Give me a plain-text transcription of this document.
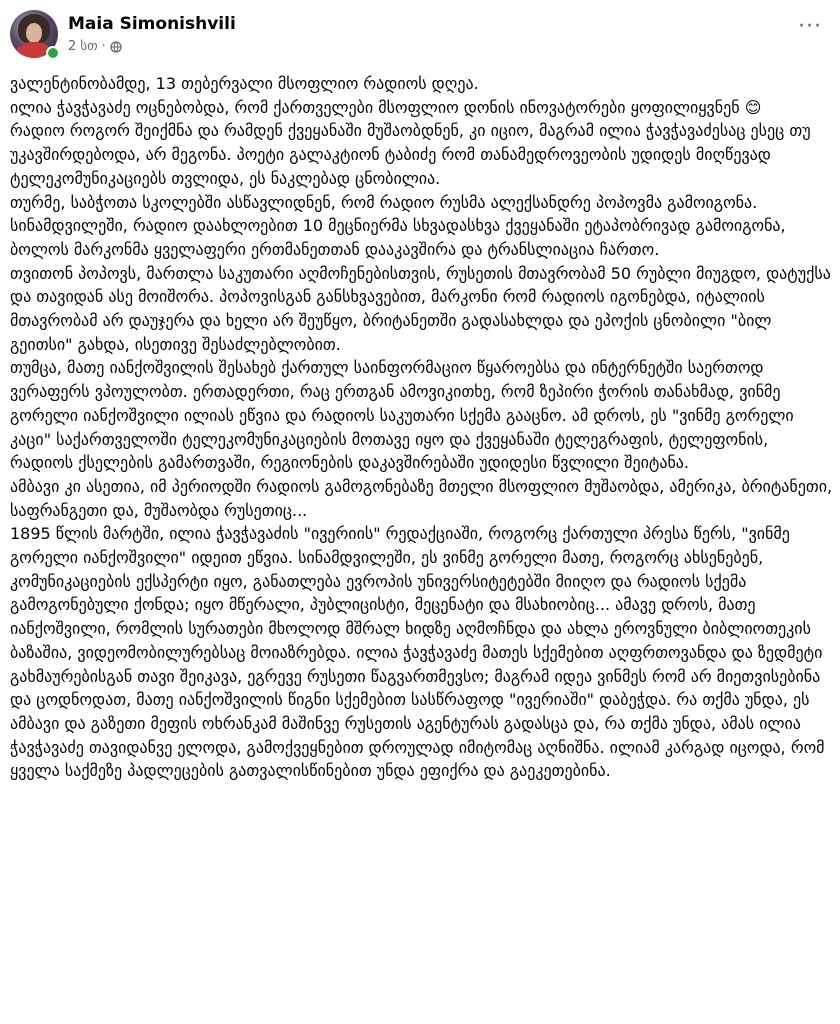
Maia Simonishvili
2 სთ ·
···

ვალენტინობამდე, 13 თებერვალი მსოფლიო რადიოს დღეა.

ილია ჭავჭავაძე ოცნებობდა, რომ ქართველები მსოფლიო დონის ინოვატორები ყოფილიყვნენ 😊

რადიო როგორ შეიქმნა და რამდენ ქვეყანაში მუშაობდნენ, კი იციო, მაგრამ ილია ჭავჭავაძესაც ესეც თუ უკავშირდებოდა, არ მეგონა. პოეტი გალაკტიონ ტაბიძე რომ თანამედროვეობის უდიდეს მიღწევად ტელეკომუნიკაციებს თვლიდა, ეს ნაკლებად ცნობილია.

თურმე, საბჭოთა სკოლებში ასწავლიდნენ, რომ რადიო რუსმა ალექსანდრე პოპოვმა გამოიგონა. სინამდვილეში, რადიო დაახლოებით 10 მეცნიერმა სხვადასხვა ქვეყანაში ეტაპობრივად გამოიგონა, ბოლოს მარკონმა ყველაფერი ერთმანეთთან დააკავშირა და ტრანსლიაცია ჩართო.

თვითონ პოპოვს, მართლა საკუთარი აღმოჩენებისთვის, რუსეთის მთავრობამ 50 რუბლი მიუგდო, დატუქსა და თავიდან ასე მოიშორა. პოპოვისგან განსხვავებით, მარკონი რომ რადიოს იგონებდა, იტალიის მთავრობამ არ დაუჯერა და ხელი არ შეუწყო, ბრიტანეთში გადასახლდა და ეპოქის ცნობილი "ბილ გეითსი" გახდა, ისეთივე შესაძლებლობით.

თუმცა, მათე იანქოშვილის შესახებ ქართულ საინფორმაციო წყაროებსა და ინტერნეტში საერთოდ ვერაფერს ვპოულობთ. ერთადერთი, რაც ერთგან ამოვიკითხე, რომ ზეპირი ჭორის თანახმად, ვინმე გორელი იანქოშვილი ილიას ეწვია და რადიოს საკუთარი სქემა გააცნო. ამ დროს, ეს "ვინმე გორელი კაცი" საქართველოში ტელეკომუნიკაციების მოთავე იყო და ქვეყანაში ტელეგრაფის, ტელეფონის, რადიოს ქსელების გამართვაში, რეგიონების დაკავშირებაში უდიდესი წვლილი შეიტანა.

ამბავი კი ასეთია, იმ პერიოდში რადიოს გამოგონებაზე მთელი მსოფლიო მუშაობდა, ამერიკა, ბრიტანეთი, საფრანგეთი და, მუშაობდა რუსეთიც...

1895 წლის მარტში, ილია ჭავჭავაძის "ივერიის" რედაქციაში, როგორც ქართული პრესა წერს, "ვინმე გორელი იანქოშვილი" იდეით ეწვია. სინამდვილეში, ეს ვინმე გორელი მათე, როგორც ახსენებენ, კომუნიკაციების ექსპერტი იყო, განათლება ევროპის უნივერსიტეტებში მიიღო და რადიოს სქემა გამოგონებული ქონდა; იყო მწერალი, პუბლიცისტი, მეცენატი და მსახიობიც... ამავე დროს, მათე იანქოშვილი, რომლის სურათები მხოლოდ მშრალ ხიდზე აღმოჩნდა და ახლა ეროვნული ბიბლიოთეკის ბაზაშია, ვიდეომობილურებსაც მოიაზრებდა. ილია ჭავჭავაძე მათეს სქემებით აღფრთოვანდა და ზედმეტი გახმაურებისგან თავი შეიკავა, ეგრევე რუსეთი წაგვართმევსო; მაგრამ იდეა ვინმეს რომ არ მიეთვისებინა და ცოდნოდათ, მათე იანქოშვილის წიგნი სქემებით სასწრაფოდ "ივერიაში" დაბეჭდა. რა თქმა უნდა, ეს ამბავი და გაზეთი მეფის ოხრანკამ მაშინვე რუსეთის აგენტურას გადასცა და, რა თქმა უნდა, ამას ილია ჭავჭავაძე თავიდანვე ელოდა, გამოქვეყნებით დროულად იმიტომაც აღნიშნა. ილიამ კარგად იცოდა, რომ ყველა საქმეზე პადლეცების გათვალისწინებით უნდა ეფიქრა და გაეკეთებინა.
